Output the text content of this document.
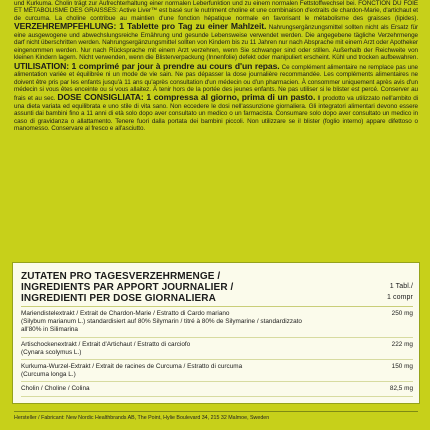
und Kurkuma. Cholin trägt zur Aufrechterhaltung einer normalen Leberfunktion und zu einem normalen Fettstoffwechsel bei. FONCTION DU FOIE ET MÉTABOLISME DES GRAISSES: Active Liver™ est basé sur le nutriment choline et une combinaison d'extraits de chardon-Marie, d'artichaut et de curcuma. La choline contribue au maintien d'une fonction hépatique normale en favorisant le métabolisme des graisses (lipides). VERZEHREMPFEHLUNG: 1 Tablette pro Tag zu einer Mahlzeit. Nahrungsergänzungsmittel sollten nicht als Ersatz für eine ausgewogene und abwechslungsreiche Ernährung und gesunde Lebensweise verwendet werden. Die angegebene tägliche Verzehrmenge darf nicht überschritten werden. Nahrungsergänzungsmittel sollten von Kindern bis zu 11 Jahren nur nach Absprache mit einem Arzt oder Apotheker eingenommen werden. Nur nach Rücksprache mit einem Arzt verzehren, wenn Sie schwanger sind oder stillen. Außerhalb der Reichweite von kleinen Kindern lagern. Nicht verwenden, wenn die Blisterverpackung (Innenfolie) defekt oder manipuliert erscheint. Kühl und trocken aufbewahren. UTILISATION: 1 comprimé par jour à prendre au cours d'un repas. Ce complément alimentaire ne remplace pas une alimentation variée et équilibrée ni un mode de vie sain. Ne pas dépasser la dose journalière recommandée. Les compléments alimentaires ne doivent être pris par les enfants jusqu'à 11 ans qu'après consultation d'un médecin ou d'un pharmacien. À consommer uniquement après avis d'un médecin si vous êtes enceinte ou si vous allaitez. À tenir hors de la portée des jeunes enfants. Ne pas utiliser si le blister est percé. Conserver au frais et au sec. DOSE CONSIGLIATA: 1 compressa al giorno, prima di un pasto. Il prodotto va utilizzato nell'ambito di una dieta variata ed equilibrata e uno stile di vita sano. Non eccedere le dosi nell'assunzione giornaliera. Gli integratori alimentari devono essere assunti dai bambini fino a 11 anni di età solo dopo aver consultato un medico o un farmacista. Consumare solo dopo aver consultato un medico in caso di gravidanza o allattamento. Tenere fuori dalla portata dei bambini piccoli. Non utilizzare se il blister (foglio interno) appare difettoso o manomesso. Conservare al fresco e all'asciutto.

ZUTATEN PRO TAGESVERZEHRMENGE /	
INGREDIENTS PAR APPORT JOURNALIER /	1 Tabl./
INGREDIENTI PER DOSE GIORNALIERA	1 compr

Mariendistelextrakt / Extrait de Chardon-Marie / Estratto di Cardo mariano
(Silybum marianum L.) standardisiert auf 80% Silymarin / titré à 80% de Silymarine / standardizzato all'80% in Silimarina	250 mg

Artischockenextrakt / Extrait d'Artichaut / Estratto di carciofo
(Cynara scolymus L.)	222 mg

Kurkuma-Wurzel-Extrakt / Extrait de racines de Curcuma / Estratto di curcuma
(Curcuma longa L.)	150 mg

Cholin / Choline / Colina	82,5 mg
Hersteller / Fabricant: New Nordic Healthbrands AB, The Point, Hylie Boulevard 34, 215 32 Malmoe, Sweden
